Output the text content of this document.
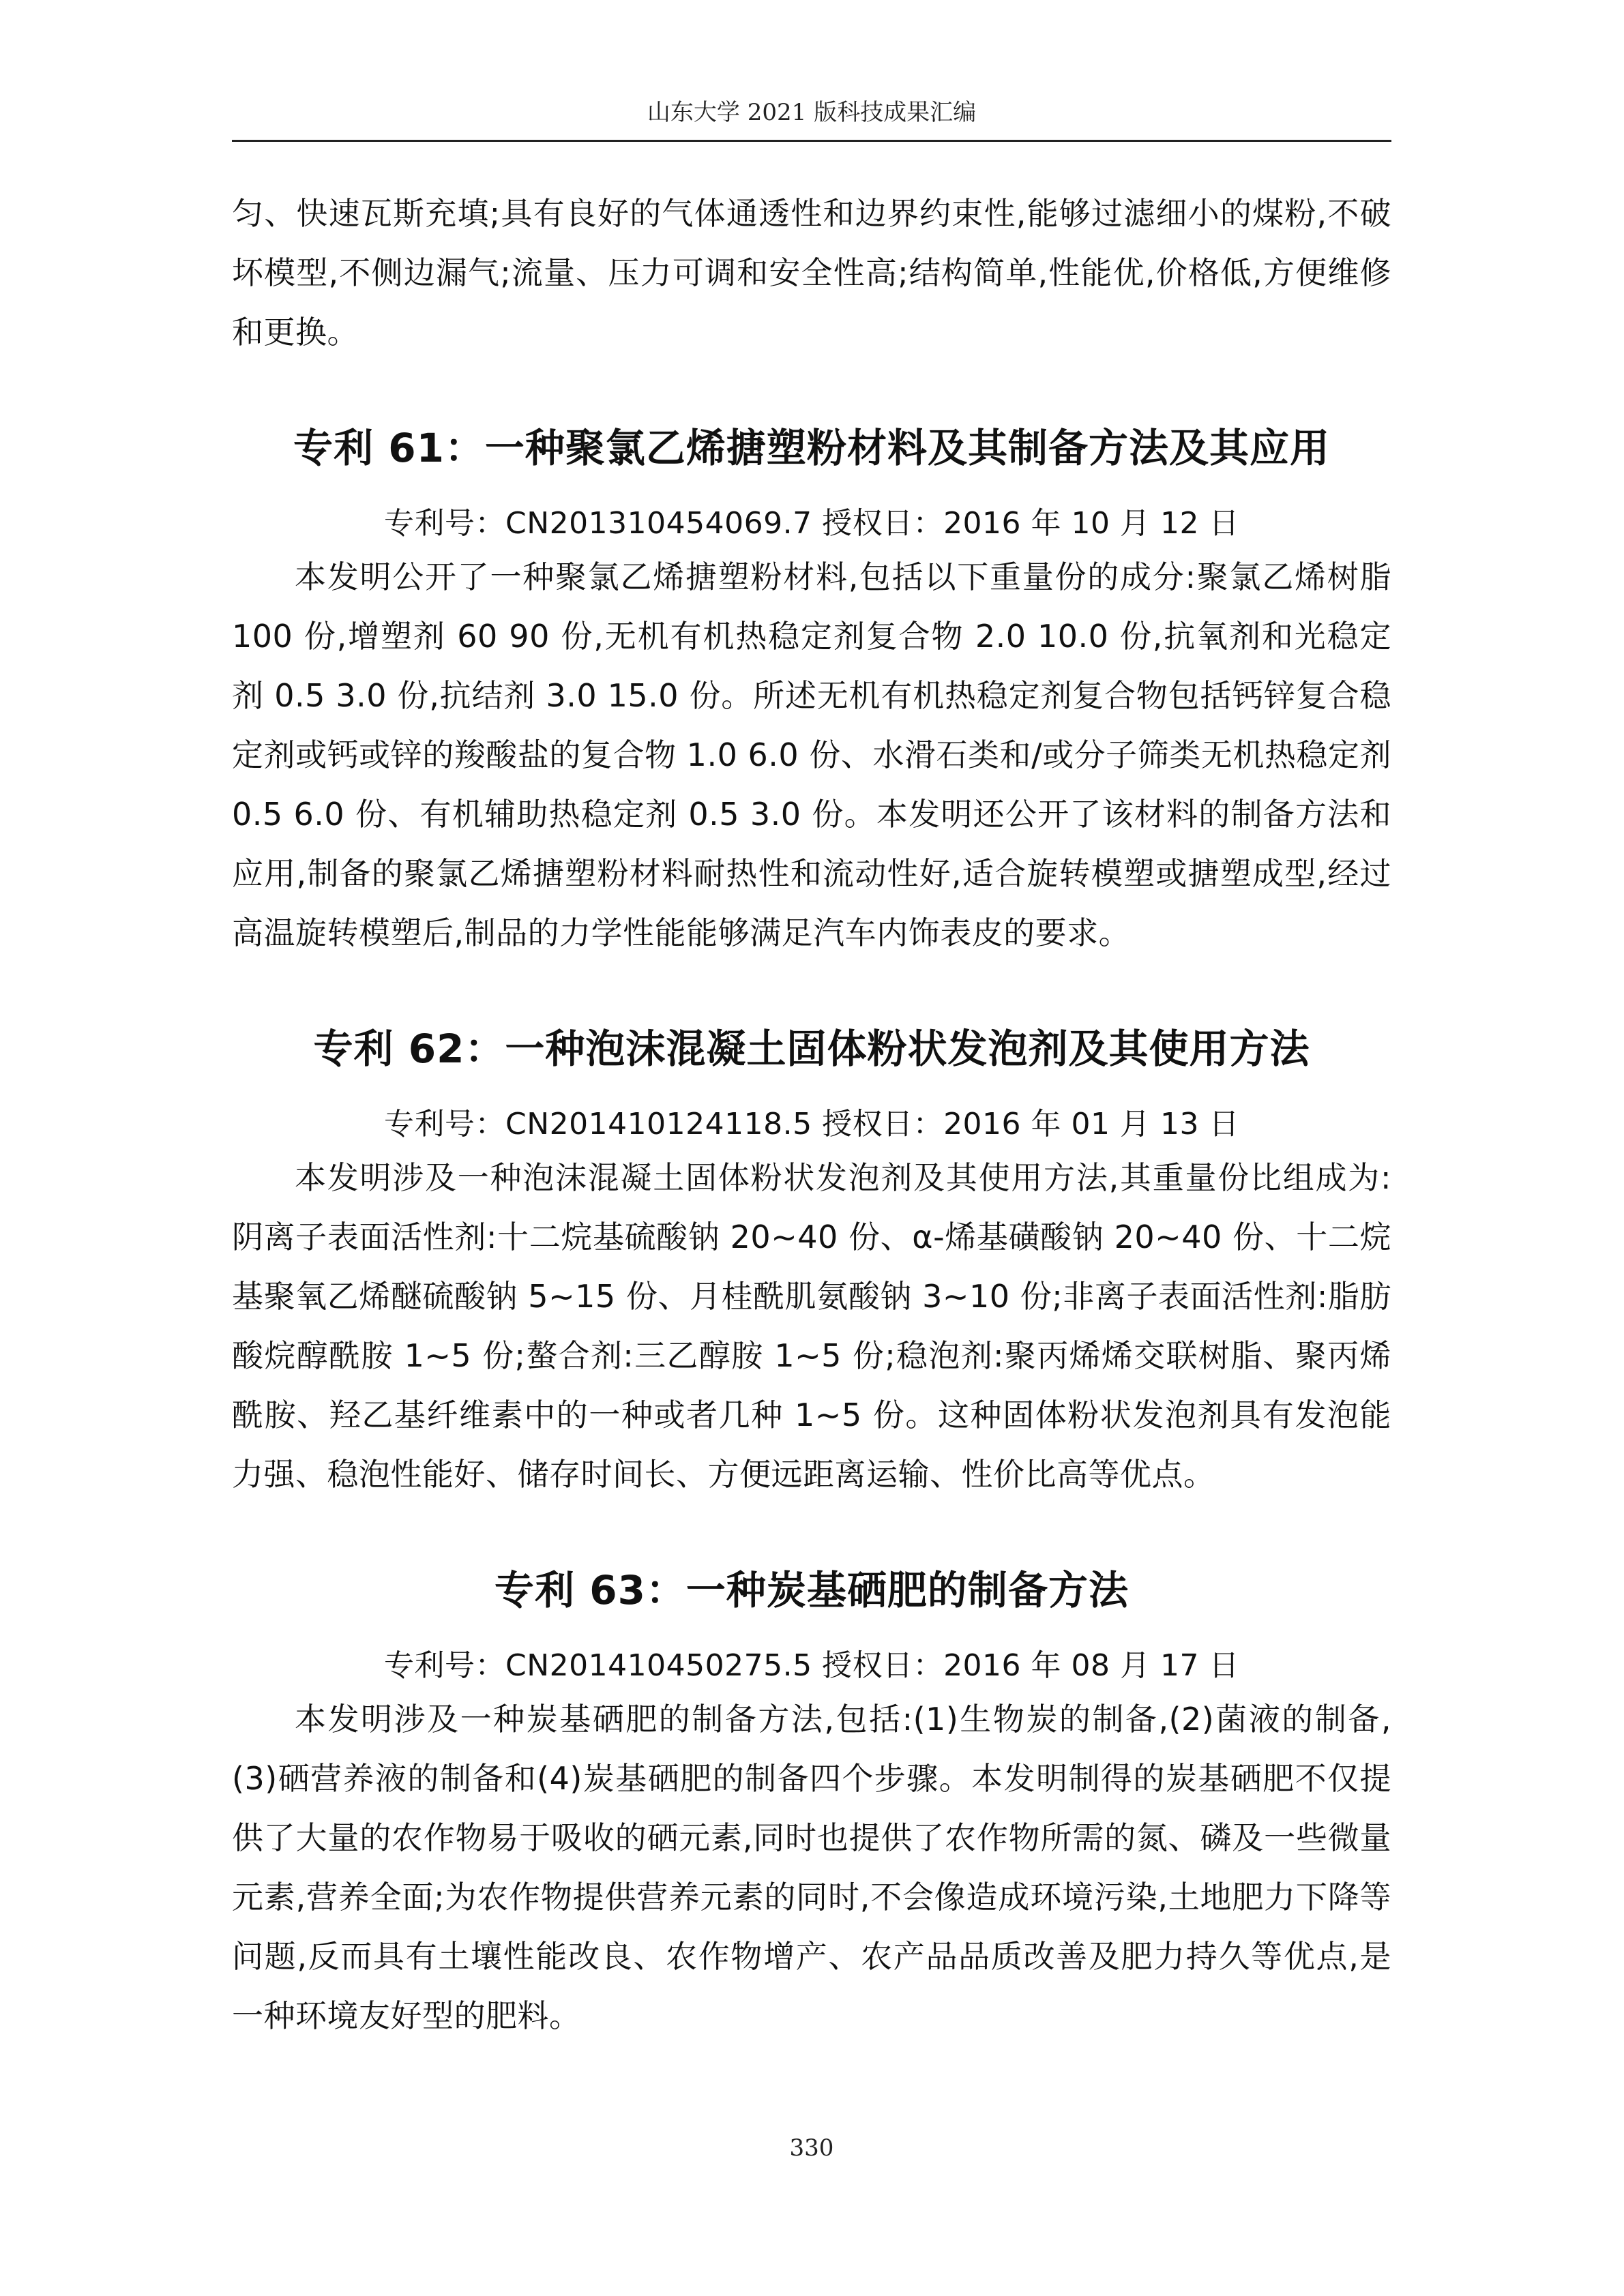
山东大学 2021 版科技成果汇编

匀、快速瓦斯充填;具有良好的气体通透性和边界约束性,能够过滤细小的煤粉,不破坏模型,不侧边漏气;流量、压力可调和安全性高;结构简单,性能优,价格低,方便维修和更换。

专利 61：一种聚氯乙烯搪塑粉材料及其制备方法及其应用

专利号：CN201310454069.7 授权日：2016 年 10 月 12 日

本发明公开了一种聚氯乙烯搪塑粉材料,包括以下重量份的成分:聚氯乙烯树脂 100 份,增塑剂 60 90 份,无机有机热稳定剂复合物 2.0 10.0 份,抗氧剂和光稳定剂 0.5 3.0 份,抗结剂 3.0 15.0 份。所述无机有机热稳定剂复合物包括钙锌复合稳定剂或钙或锌的羧酸盐的复合物 1.0 6.0 份、水滑石类和/或分子筛类无机热稳定剂 0.5 6.0 份、有机辅助热稳定剂 0.5 3.0 份。本发明还公开了该材料的制备方法和应用,制备的聚氯乙烯搪塑粉材料耐热性和流动性好,适合旋转模塑或搪塑成型,经过高温旋转模塑后,制品的力学性能能够满足汽车内饰表皮的要求。

专利 62：一种泡沫混凝土固体粉状发泡剂及其使用方法

专利号：CN201410124118.5 授权日：2016 年 01 月 13 日

本发明涉及一种泡沫混凝土固体粉状发泡剂及其使用方法,其重量份比组成为:阴离子表面活性剂:十二烷基硫酸钠 20~40 份、α-烯基磺酸钠 20~40 份、十二烷基聚氧乙烯醚硫酸钠 5~15 份、月桂酰肌氨酸钠 3~10 份;非离子表面活性剂:脂肪酸烷醇酰胺 1~5 份;螯合剂:三乙醇胺 1~5 份;稳泡剂:聚丙烯烯交联树脂、聚丙烯酰胺、羟乙基纤维素中的一种或者几种 1~5 份。这种固体粉状发泡剂具有发泡能力强、稳泡性能好、储存时间长、方便远距离运输、性价比高等优点。

专利 63：一种炭基硒肥的制备方法

专利号：CN201410450275.5 授权日：2016 年 08 月 17 日

本发明涉及一种炭基硒肥的制备方法,包括:(1)生物炭的制备,(2)菌液的制备,(3)硒营养液的制备和(4)炭基硒肥的制备四个步骤。本发明制得的炭基硒肥不仅提供了大量的农作物易于吸收的硒元素,同时也提供了农作物所需的氮、磷及一些微量元素,营养全面;为农作物提供营养元素的同时,不会像造成环境污染,土地肥力下降等问题,反而具有土壤性能改良、农作物增产、农产品品质改善及肥力持久等优点,是一种环境友好型的肥料。

330
